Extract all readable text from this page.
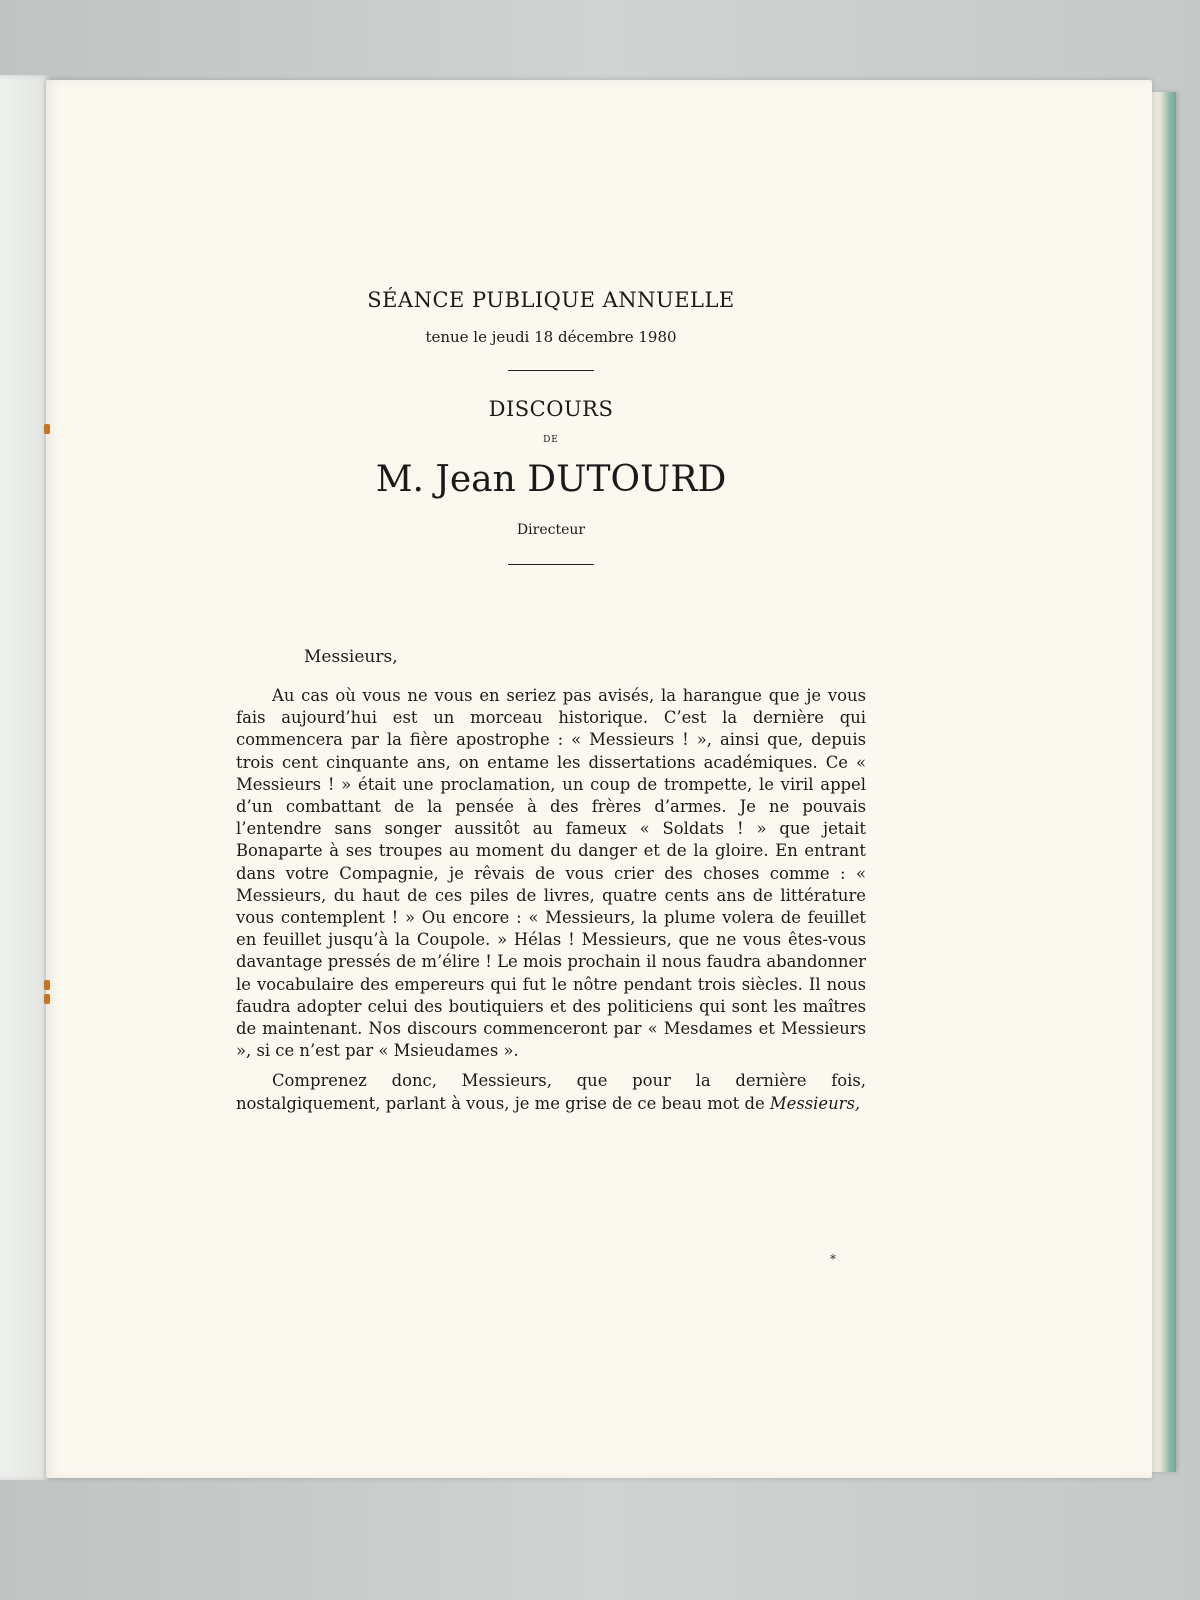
SÉANCE PUBLIQUE ANNUELLE
tenue le jeudi 18 décembre 1980
DISCOURS
DE
M. Jean DUTOURD
Directeur
Messieurs,

Au cas où vous ne vous en seriez pas avisés, la harangue que je vous fais aujourd’hui est un morceau historique. C’est la dernière qui commencera par la fière apostrophe : « Messieurs ! », ainsi que, depuis trois cent cinquante ans, on entame les dissertations académiques. Ce « Messieurs ! » était une proclamation, un coup de trompette, le viril appel d’un combattant de la pensée à des frères d’armes. Je ne pouvais l’entendre sans songer aussitôt au fameux « Soldats ! » que jetait Bonaparte à ses troupes au moment du danger et de la gloire. En entrant dans votre Compagnie, je rêvais de vous crier des choses comme : « Messieurs, du haut de ces piles de livres, quatre cents ans de littérature vous contemplent ! » Ou encore : « Messieurs, la plume volera de feuillet en feuillet jusqu’à la Coupole. » Hélas ! Messieurs, que ne vous êtes-vous davantage pressés de m’élire ! Le mois prochain il nous faudra abandonner le vocabulaire des empereurs qui fut le nôtre pendant trois siècles. Il nous faudra adopter celui des boutiquiers et des politiciens qui sont les maîtres de maintenant. Nos discours commenceront par « Mesdames et Messieurs », si ce n’est par « Msieudames ».

Comprenez donc, Messieurs, que pour la dernière fois, nostalgiquement, parlant à vous, je me grise de ce beau mot de Messieurs,

*
